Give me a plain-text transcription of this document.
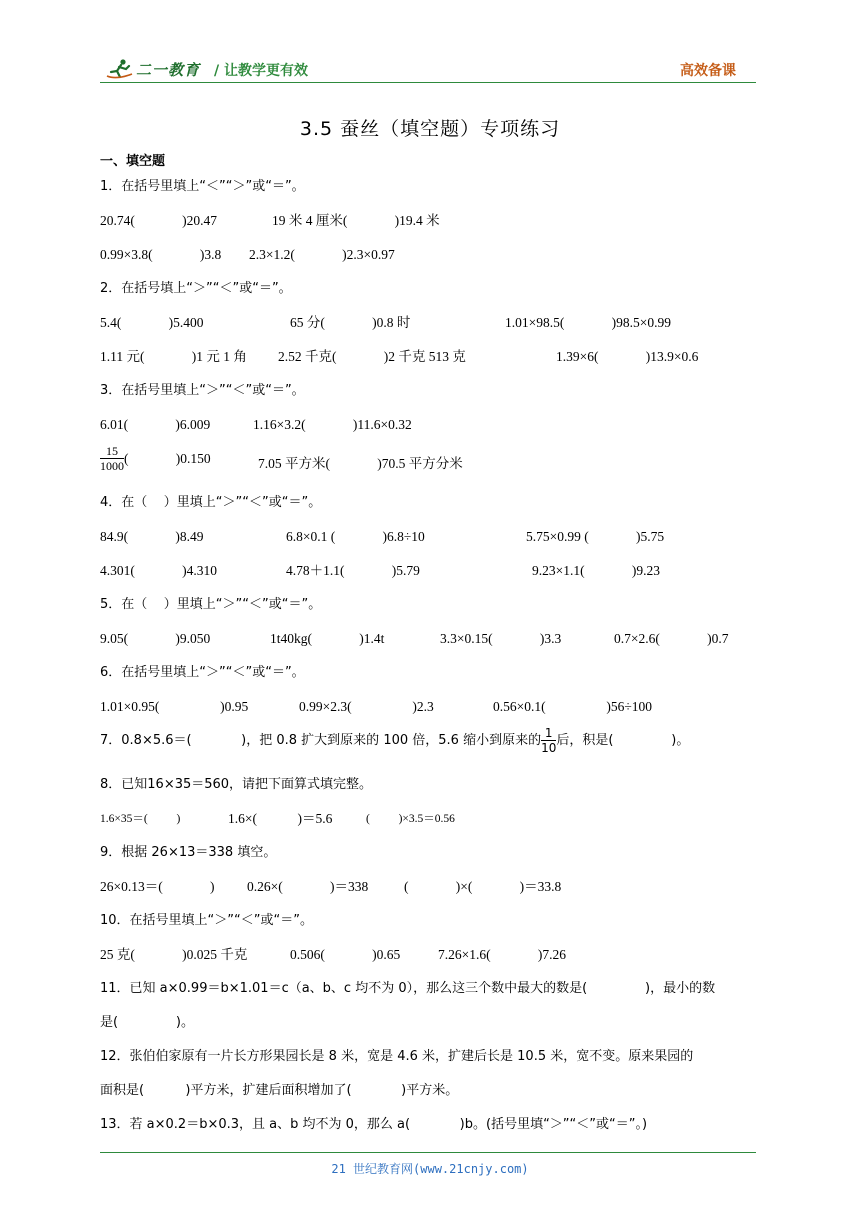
二一教育 / 让教学更有效	高效备课
3.5 蚕丝（填空题）专项练习
一、填空题
1．在括号里填上“＜”“＞”或“＝”。
20.74(              )20.47	19 米 4 厘米(              )19.4 米
0.99×3.8(              )3.8 2.3×1.2(              )2.3×0.97
2．在括号填上“＞”“＜”或“＝”。
5.4(              )5.400	65 分(              )0.8 时	1.01×98.5(              )98.5×0.99
1.11 元(              )1 元 1 角 2.52 千克(              )2 千克 513 克	1.39×6(              )13.9×0.6
3．在括号里填上“＞”“＜”或“＝”。
6.01(              )6.009	1.16×3.2(              )11.6×0.32
$\frac{15}{1000}$ (              )0.150	7.05 平方米(              )70.5 平方分米
4．在（    ）里填上“＞”“＜”或“＝”。
84.9(              )8.49	6.8×0.1 (              )6.8÷10	5.75×0.99 (              )5.75
4.301(              )4.310	4.78＋1.1(              )5.79	9.23×1.1(              )9.23
5．在（    ）里填上“＞”“＜”或“＝”。
9.05(              )9.050	1t40kg(              )1.4t	3.3×0.15(              )3.3	0.7×2.6(              )0.7
6．在括号里填上“＞”“＜”或“＝”。
1.01×0.95(                  )0.95	0.99×2.3(                  )2.3	0.56×0.1(                  )56÷100
7．0.8×5.6＝(            )，把 0.8 扩大到原来的 100 倍，5.6 缩小到原来的 $\frac{1}{10}$ 后，积是(              )。
8．已知16×35＝560，请把下面算式填完整。
1.6×35＝(          )	1.6×(            )＝5.6	(          )×3.5＝0.56
9．根据 26×13＝338 填空。
26×0.13＝(              ) 0.26×(              )＝338	(              )×(              )＝33.8
10．在括号里填上“＞”“＜”或“＝”。
25 克(              )0.025 千克	0.506(              )0.65	7.26×1.6(              )7.26
11．已知 a×0.99＝b×1.01＝c（a、b、c 均不为 0），那么这三个数中最大的数是(              )，最小的数
是(              )。
12．张伯伯家原有一片长方形果园长是 8 米，宽是 4.6 米，扩建后长是 10.5 米，宽不变。原来果园的
面积是(          )平方米，扩建后面积增加了(            )平方米。
13．若 a×0.2＝b×0.3，且 a、b 均不为 0，那么 a(            )b。(括号里填“＞”“＜”或“＝”。)
21 世纪教育网(www.21cnjy.com)
